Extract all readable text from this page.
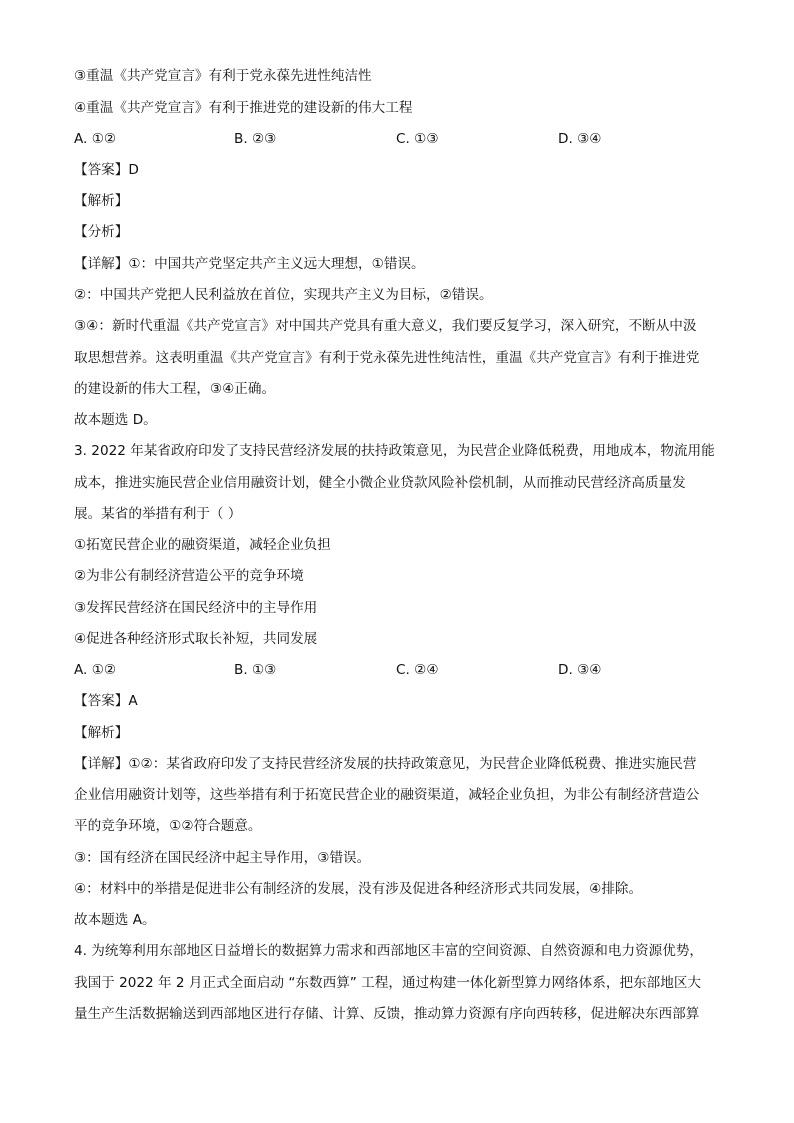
③重温《共产党宣言》有利于党永葆先进性纯洁性
④重温《共产党宣言》有利于推进党的建设新的伟大工程
A. ①②	B. ②③	C. ①③	D. ③④
【答案】D
【解析】
【分析】
【详解】①：中国共产党坚定共产主义远大理想，①错误。
②：中国共产党把人民利益放在首位，实现共产主义为目标，②错误。
③④：新时代重温《共产党宣言》对中国共产党具有重大意义，我们要反复学习，深入研究，不断从中汲
取思想营养。这表明重温《共产党宣言》有利于党永葆先进性纯洁性，重温《共产党宣言》有利于推进党
的建设新的伟大工程，③④正确。
故本题选 D。
3. 2022 年某省政府印发了支持民营经济发展的扶持政策意见，为民营企业降低税费，用地成本，物流用能
成本，推进实施民营企业信用融资计划，健全小微企业贷款风险补偿机制，从而推动民营经济高质量发
展。某省的举措有利于（ ）
①拓宽民营企业的融资渠道，减轻企业负担
②为非公有制经济营造公平的竞争环境
③发挥民营经济在国民经济中的主导作用
④促进各种经济形式取长补短，共同发展
A. ①②	B. ①③	C. ②④	D. ③④
【答案】A
【解析】
【详解】①②：某省政府印发了支持民营经济发展的扶持政策意见，为民营企业降低税费、推进实施民营
企业信用融资计划等，这些举措有利于拓宽民营企业的融资渠道，减轻企业负担，为非公有制经济营造公
平的竞争环境，①②符合题意。
③：国有经济在国民经济中起主导作用，③错误。
④：材料中的举措是促进非公有制经济的发展，没有涉及促进各种经济形式共同发展，④排除。
故本题选 A。
4. 为统筹利用东部地区日益增长的数据算力需求和西部地区丰富的空间资源、自然资源和电力资源优势，
我国于 2022 年 2 月正式全面启动 “东数西算” 工程，通过构建一体化新型算力网络体系，把东部地区大
量生产生活数据输送到西部地区进行存储、计算、反馈，推动算力资源有序向西转移，促进解决东西部算
